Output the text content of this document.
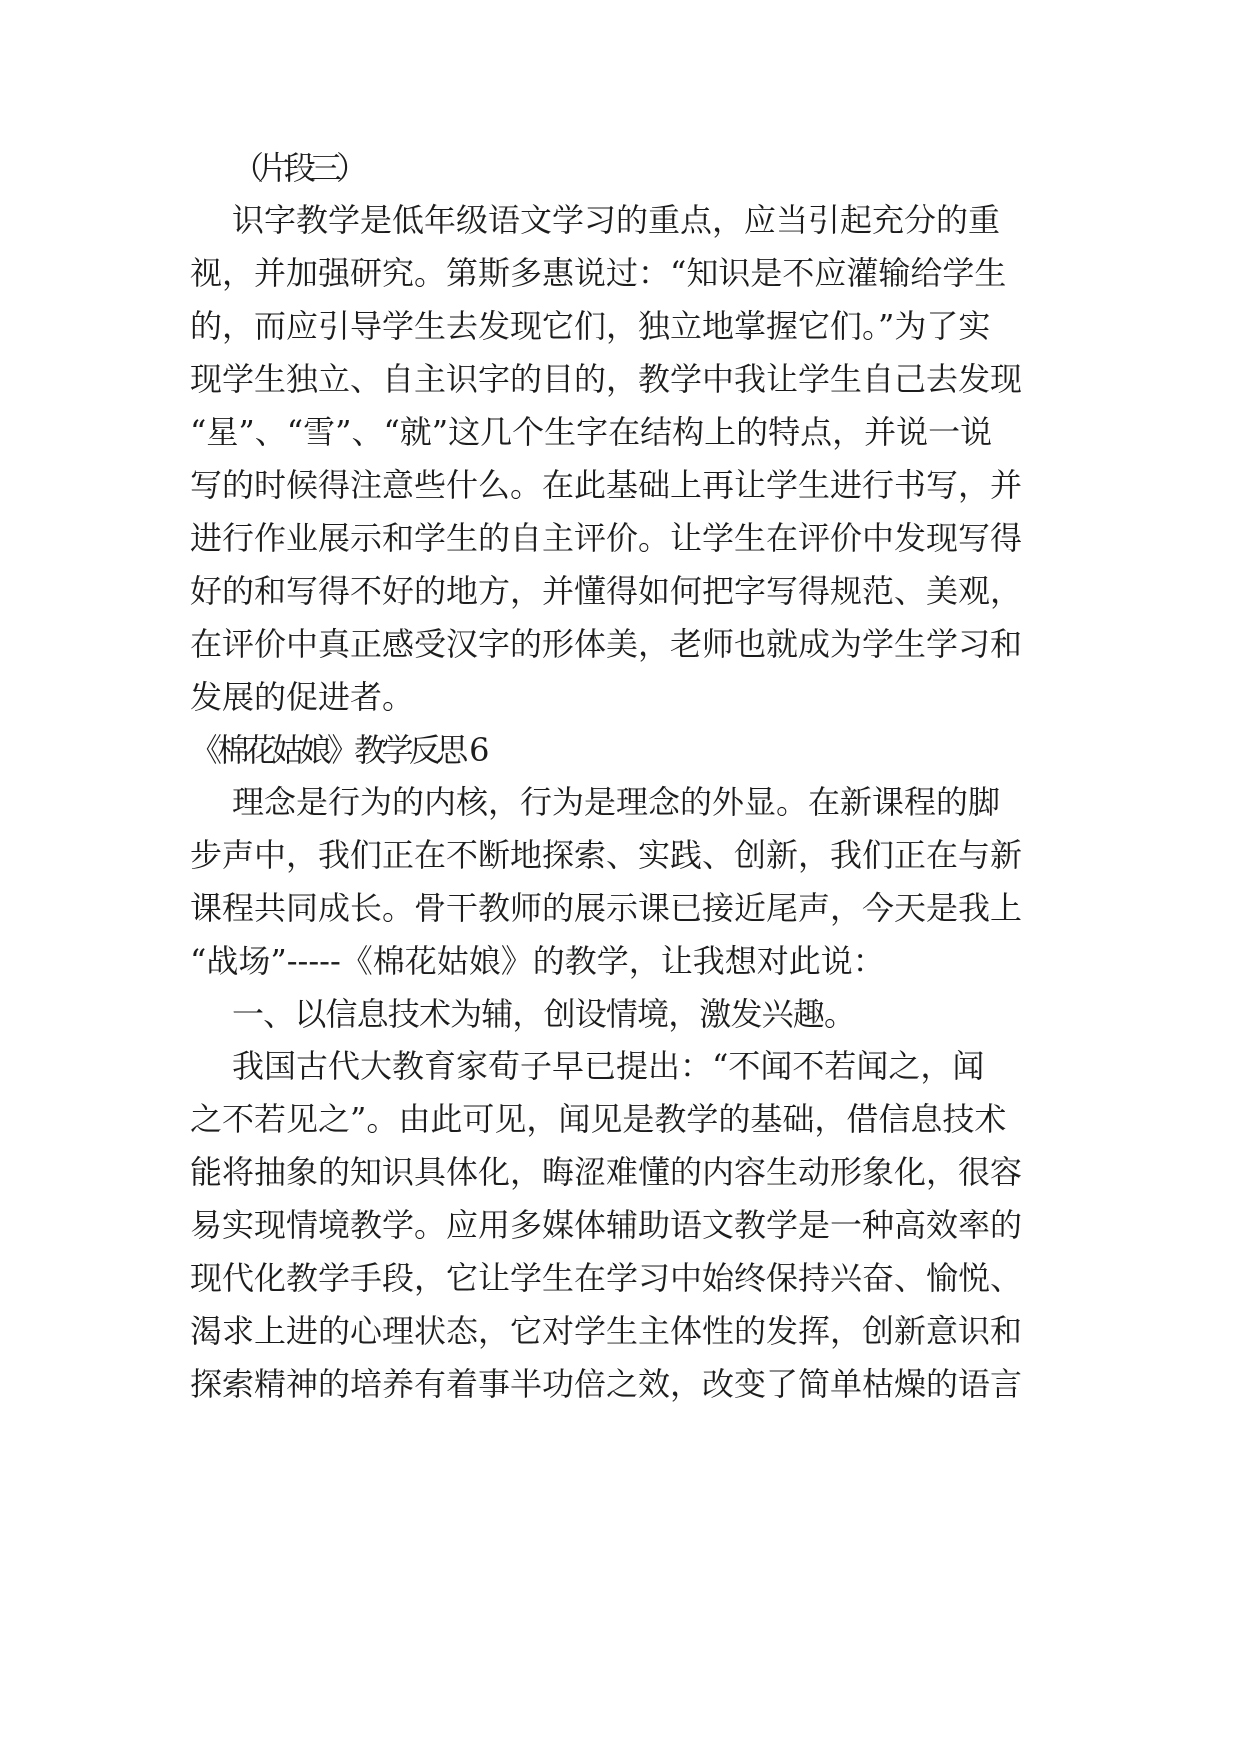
（片段三）

识字教学是低年级语文学习的重点，应当引起充分的重

视，并加强研究。第斯多惠说过：“知识是不应灌输给学生

的，而应引导学生去发现它们，独立地掌握它们。”为了实

现学生独立、自主识字的目的，教学中我让学生自己去发现

“星”、“雪”、“就”这几个生字在结构上的特点，并说一说

写的时候得注意些什么。在此基础上再让学生进行书写，并

进行作业展示和学生的自主评价。让学生在评价中发现写得

好的和写得不好的地方，并懂得如何把字写得规范、美观，

在评价中真正感受汉字的形体美，老师也就成为学生学习和

发展的促进者。

《棉花姑娘》教学反思 6

理念是行为的内核，行为是理念的外显。在新课程的脚

步声中，我们正在不断地探索、实践、创新，我们正在与新

课程共同成长。骨干教师的展示课已接近尾声，今天是我上

“战场”-----《棉花姑娘》的教学，让我想对此说：

一、以信息技术为辅，创设情境，激发兴趣。

我国古代大教育家荀子早已提出：“不闻不若闻之，闻

之不若见之”。由此可见，闻见是教学的基础，借信息技术

能将抽象的知识具体化，晦涩难懂的内容生动形象化，很容

易实现情境教学。应用多媒体辅助语文教学是一种高效率的

现代化教学手段，它让学生在学习中始终保持兴奋、愉悦、

渴求上进的心理状态，它对学生主体性的发挥，创新意识和

探索精神的培养有着事半功倍之效，改变了简单枯燥的语言
